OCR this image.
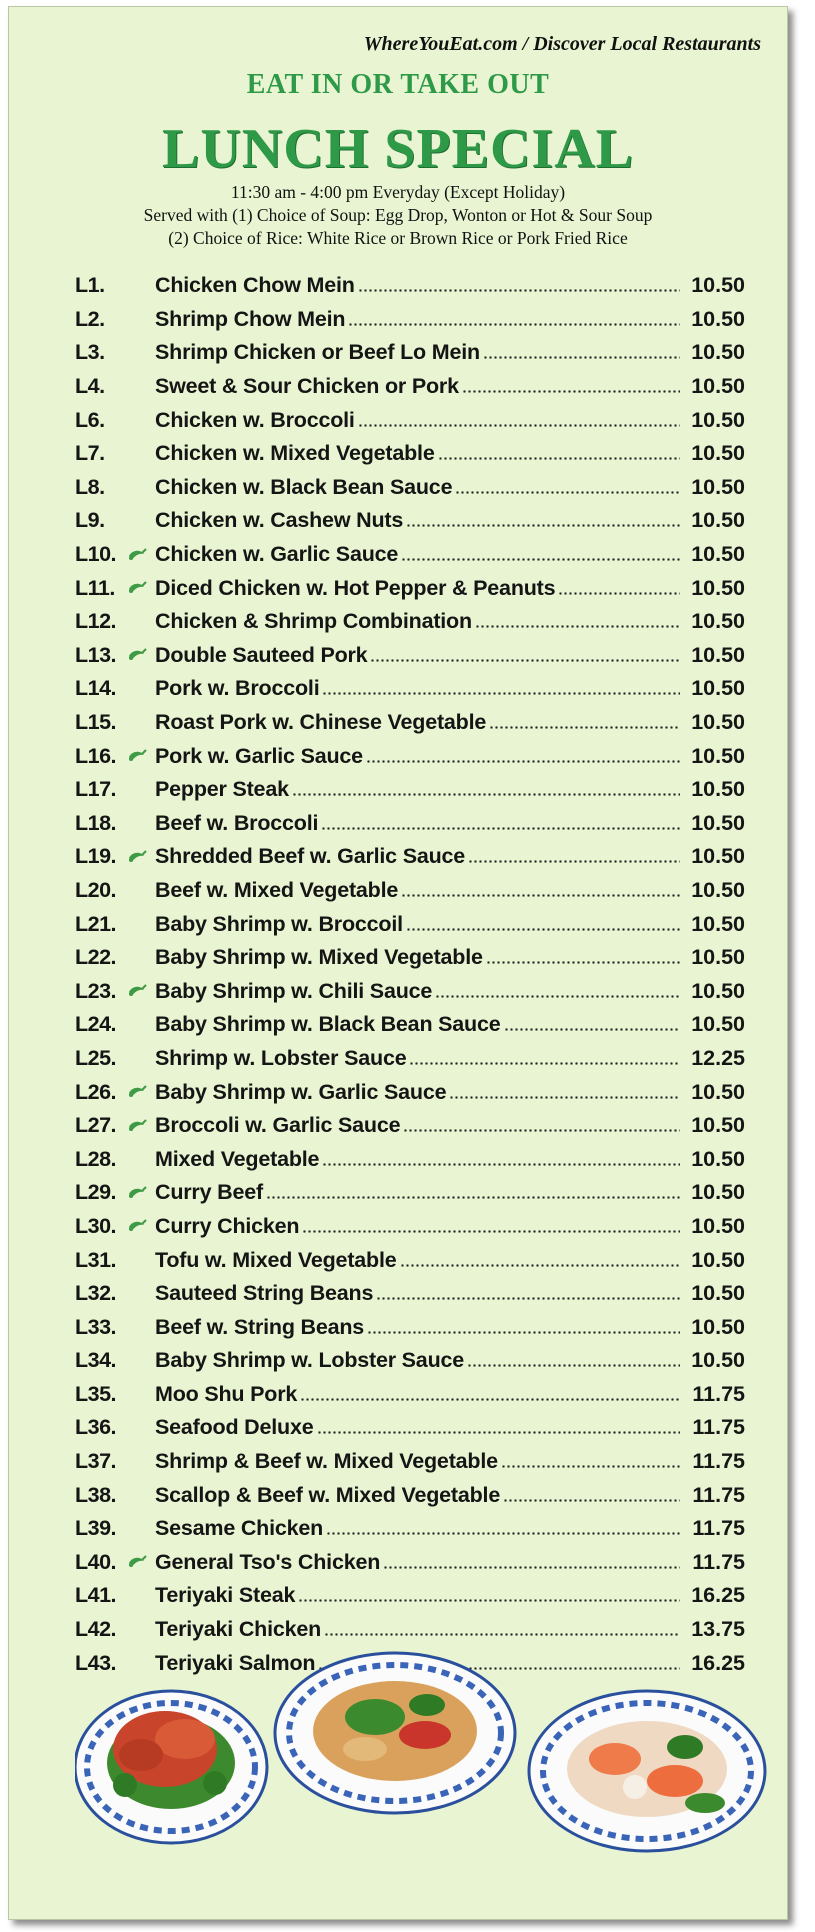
WhereYouEat.com / Discover Local Restaurants
EAT IN OR TAKE OUT
LUNCH SPECIAL
11:30 am - 4:00 pm Everyday (Except Holiday)
Served with (1) Choice of Soup: Egg Drop, Wonton or Hot & Sour Soup
(2) Choice of Rice: White Rice or Brown Rice or Pork Fried Rice
L1.	Chicken Chow Mein	10.50
L2.	Shrimp Chow Mein	10.50
L3.	Shrimp Chicken or Beef Lo Mein	10.50
L4.	Sweet & Sour Chicken or Pork	10.50
L6.	Chicken w. Broccoli	10.50
L7.	Chicken w. Mixed Vegetable	10.50
L8.	Chicken w. Black Bean Sauce	10.50
L9.	Chicken w. Cashew Nuts	10.50
L10.	Chicken w. Garlic Sauce	10.50
L11.	Diced Chicken w. Hot Pepper & Peanuts	10.50
L12.	Chicken & Shrimp Combination	10.50
L13.	Double Sauteed Pork	10.50
L14.	Pork w. Broccoli	10.50
L15.	Roast Pork w. Chinese Vegetable	10.50
L16.	Pork w. Garlic Sauce	10.50
L17.	Pepper Steak	10.50
L18.	Beef w. Broccoli	10.50
L19.	Shredded Beef w. Garlic Sauce	10.50
L20.	Beef w. Mixed Vegetable	10.50
L21.	Baby Shrimp w. Broccoil	10.50
L22.	Baby Shrimp w. Mixed Vegetable	10.50
L23.	Baby Shrimp w. Chili Sauce	10.50
L24.	Baby Shrimp w. Black Bean Sauce	10.50
L25.	Shrimp w. Lobster Sauce	12.25
L26.	Baby Shrimp w. Garlic Sauce	10.50
L27.	Broccoli w. Garlic Sauce	10.50
L28.	Mixed Vegetable	10.50
L29.	Curry Beef	10.50
L30.	Curry Chicken	10.50
L31.	Tofu w. Mixed Vegetable	10.50
L32.	Sauteed String Beans	10.50
L33.	Beef w. String Beans	10.50
L34.	Baby Shrimp w. Lobster Sauce	10.50
L35.	Moo Shu Pork	11.75
L36.	Seafood Deluxe	11.75
L37.	Shrimp & Beef w. Mixed Vegetable	11.75
L38.	Scallop & Beef w. Mixed Vegetable	11.75
L39.	Sesame Chicken	11.75
L40.	General Tso's Chicken	11.75
L41.	Teriyaki Steak	16.25
L42.	Teriyaki Chicken	13.75
L43.	Teriyaki Salmon	16.25
